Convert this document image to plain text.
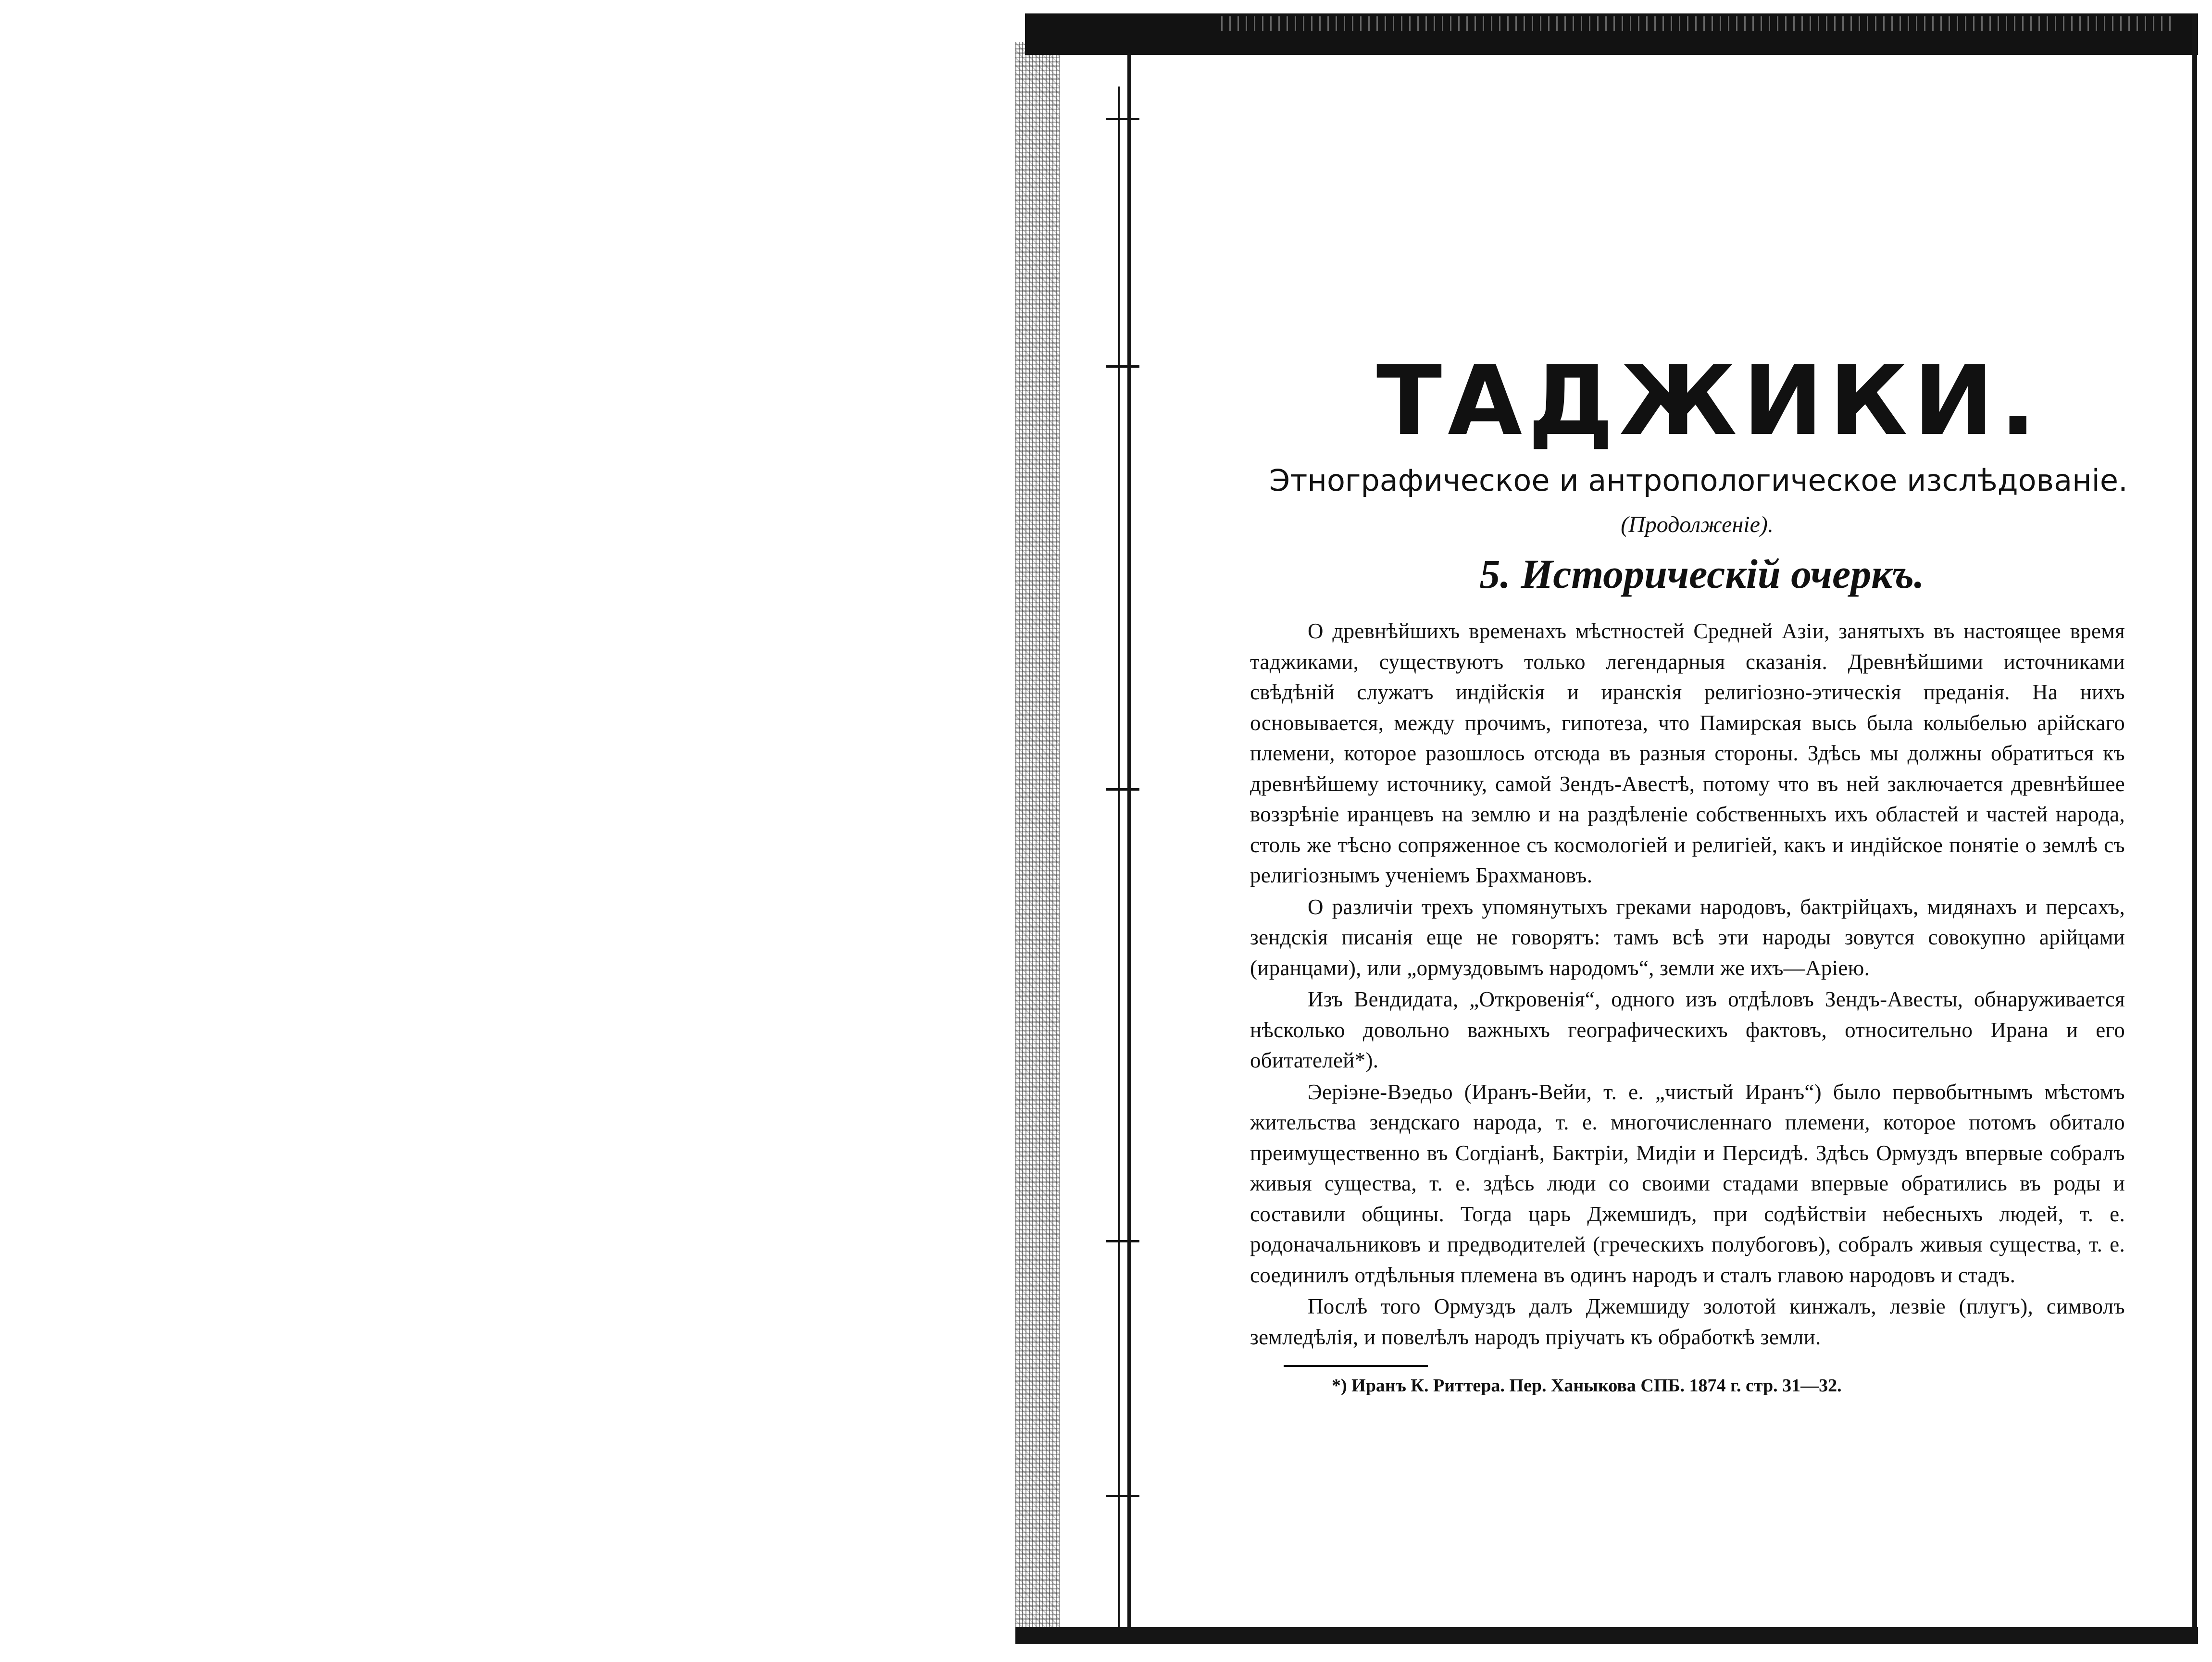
ТАДЖИКИ.
Этнографическое и антропологическое изслѣдованіе.
(Продолженіе).
5. Историческій очеркъ.

О древнѣйшихъ временахъ мѣстностей Средней Азіи, занятыхъ въ настоящее время таджиками, существуютъ только легендарныя сказанія. Древнѣйшими источниками свѣдѣній служатъ индійскія и иранскія религіозно-этическія преданія. На нихъ основывается, между прочимъ, гипотеза, что Памирская высь была колыбелью арійскаго племени, которое разошлось отсюда въ разныя стороны. Здѣсь мы должны обратиться къ древнѣйшему источнику, самой Зендъ-Авестѣ, потому что въ ней заключается древнѣйшее воззрѣніе иранцевъ на землю и на раздѣленіе собственныхъ ихъ областей и частей народа, столь же тѣсно сопряженное съ космологіей и религіей, какъ и индійское понятіе о землѣ съ религіознымъ ученіемъ Брахмановъ.

О различіи трехъ упомянутыхъ греками народовъ, бактрійцахъ, мидянахъ и персахъ, зендскія писанія еще не говорятъ: тамъ всѣ эти народы зовутся совокупно арійцами (иранцами), или „ормуздовымъ народомъ“, земли же ихъ—Аріею.

Изъ Вендидата, „Откровенія“, одного изъ отдѣловъ Зендъ-Авесты, обнаруживается нѣсколько довольно важныхъ географическихъ фактовъ, относительно Ирана и его обитателей*).

Эеріэне-Вэедьо (Иранъ-Вейи, т. е. „чистый Иранъ“) было первобытнымъ мѣстомъ жительства зендскаго народа, т. е. многочисленнаго племени, которое потомъ обитало преимущественно въ Согдіанѣ, Бактріи, Мидіи и Персидѣ. Здѣсь Ормуздъ впервые собралъ живыя существа, т. е. здѣсь люди со своими стадами впервые обратились въ роды и составили общины. Тогда царь Джемшидъ, при содѣйствіи небесныхъ людей, т. е. родоначальниковъ и предводителей (греческихъ полубоговъ), собралъ живыя существа, т. е. соединилъ отдѣльныя племена въ одинъ народъ и сталъ главою народовъ и стадъ.

Послѣ того Ормуздъ далъ Джемшиду золотой кинжалъ, лезвіе (плугъ), символъ земледѣлія, и повелѣлъ народъ пріучать къ обработкѣ земли.

*) Иранъ К. Риттера. Пер. Ханыкова СПБ. 1874 г. стр. 31—32.
